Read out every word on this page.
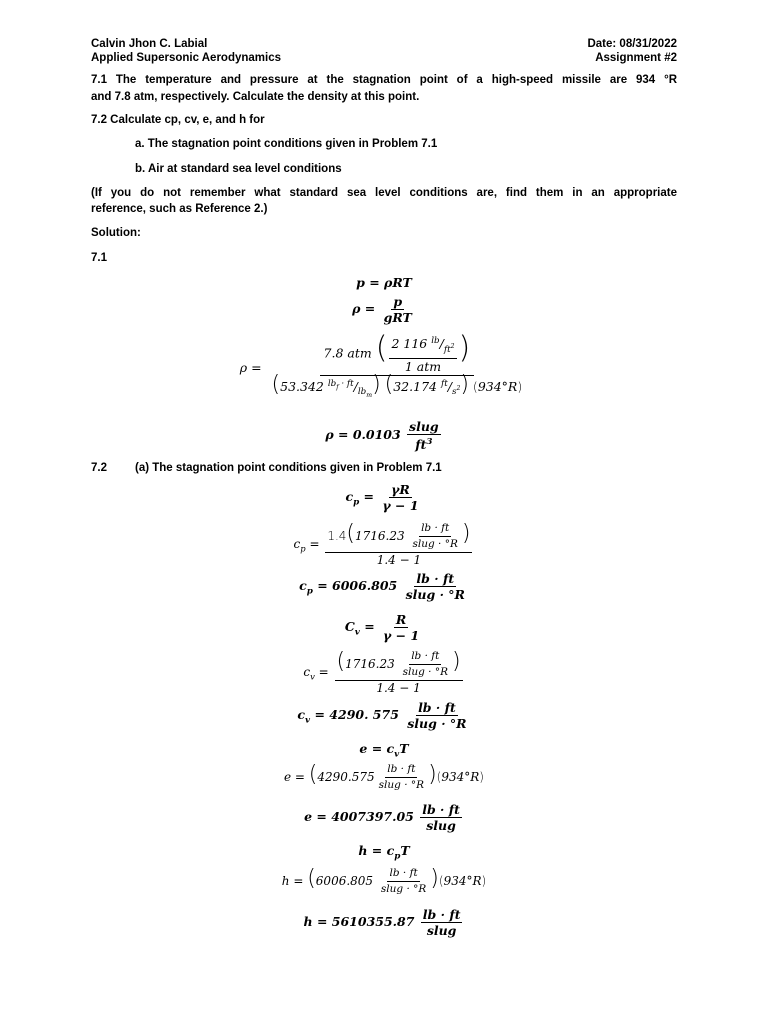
Calvin Jhon C. Labial
Applied Supersonic Aerodynamics
Date: 08/31/2022
Assignment #2
7.1 The temperature and pressure at the stagnation point of a high-speed missile are 934 °R
and 7.8 atm, respectively. Calculate the density at this point.
7.2 Calculate cp, cv, e, and h for
a. The stagnation point conditions given in Problem 7.1
b. Air at standard sea level conditions
(If you do not remember what standard sea level conditions are, find them in an appropriate
reference, such as Reference 2.)
Solution:
7.1
p = ρRT
$\rho = \frac{p}{\text{gRT}}$
$\rho = \frac{7.8 atm ( \frac{2 116 ^{lb}/_{ft^2}}{\text{1 atm}} )}{(53.342 ^{lb_f \cdot ft}/_{lb_m}) (32.174 ^{ft}/_{s^2}) (934^\circ R)}$
$\rho = 0.0103 \frac{\text{slug}}{ft^3}$
7.2 (a) The stagnation point conditions given in Problem 7.1
$c_p = \frac{\gamma R}{\gamma - 1}$
$c_p = \frac{1.4(1716.23 \frac{lb \cdot ft}{\text{slug · °R}} )}{1.4 - 1}$
$c_p = 6006.805 \frac{lb \cdot ft}{\text{slug · °R}}$
$C_v = \frac{R}{\gamma - 1}$
$c_v = \frac{(1716.23 \frac{lb \cdot ft}{\text{slug · °R}} )}{1.4 - 1}$
$c_v = 4290$. $575 \frac{lb \cdot ft}{\text{slug · °R}}$
$e = c_vT$
$e = (4290.575 \frac{lb \cdot ft}{\text{slug · °R}} )(934^\circ R)$
$e = 4007397.05 \frac{lb \cdot ft}{\text{slug}}$
$h = c_pT$
$h = (6006.805 \frac{lb \cdot ft}{\text{slug · °R}} )(934^\circ R)$
$h = 5610355.87 \frac{lb \cdot ft}{\text{slug}}$
